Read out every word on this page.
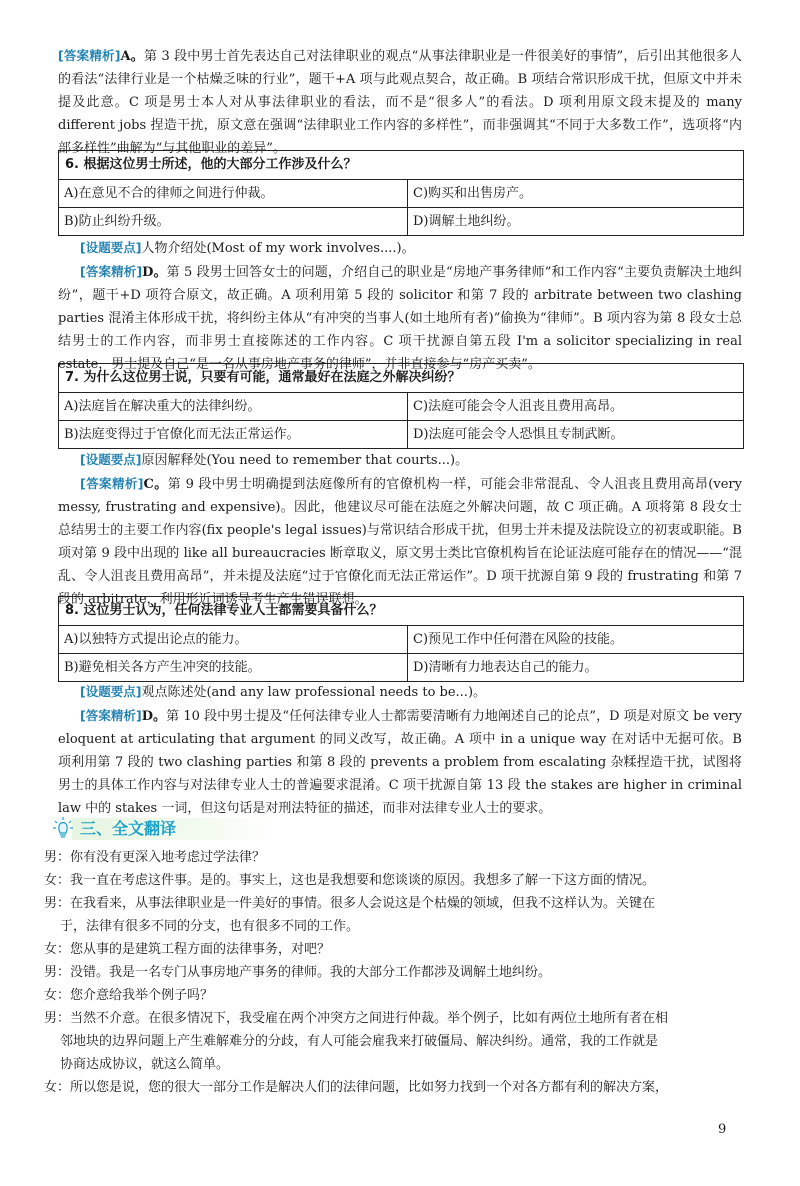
[答案精析]A。第 3 段中男士首先表达自己对法律职业的观点“从事法律职业是一件很美好的事情”，后引出其他很多人的看法“法律行业是一个枯燥乏味的行业”，题干+A 项与此观点契合，故正确。B 项结合常识形成干扰，但原文中并未提及此意。C 项是男士本人对从事法律职业的看法，而不是“很多人”的看法。D 项利用原文段末提及的 many different jobs 捏造干扰，原文意在强调“法律职业工作内容的多样性”，而非强调其“不同于大多数工作”，选项将“内部多样性”曲解为“与其他职业的差异”。
6. 根据这位男士所述，他的大部分工作涉及什么？
A)在意见不合的律师之间进行仲裁。	C)购买和出售房产。
B)防止纠纷升级。	D)调解土地纠纷。
[设题要点]人物介绍处(Most of my work involves....)。
[答案精析]D。第 5 段男士回答女士的问题，介绍自己的职业是“房地产事务律师”和工作内容“主要负责解决土地纠纷”，题干+D 项符合原文，故正确。A 项利用第 5 段的 solicitor 和第 7 段的 arbitrate between two clashing parties 混淆主体形成干扰，将纠纷主体从“有冲突的当事人(如土地所有者)”偷换为“律师”。B 项内容为第 8 段女士总结男士的工作内容，而非男士直接陈述的工作内容。C 项干扰源自第五段 I'm a solicitor specializing in real estate，男士提及自己“是一名从事房地产事务的律师”，并非直接参与“房产买卖”。
7. 为什么这位男士说，只要有可能，通常最好在法庭之外解决纠纷？
A)法庭旨在解决重大的法律纠纷。	C)法庭可能会令人沮丧且费用高昂。
B)法庭变得过于官僚化而无法正常运作。	D)法庭可能会令人恐惧且专制武断。
[设题要点]原因解释处(You need to remember that courts...)。
[答案精析]C。第 9 段中男士明确提到法庭像所有的官僚机构一样，可能会非常混乱、令人沮丧且费用高昂(very messy, frustrating and expensive)。因此，他建议尽可能在法庭之外解决问题，故 C 项正确。A 项将第 8 段女士总结男士的主要工作内容(fix people's legal issues)与常识结合形成干扰，但男士并未提及法院设立的初衷或职能。B 项对第 9 段中出现的 like all bureaucracies 断章取义，原文男士类比官僚机构旨在论证法庭可能存在的情况——“混乱、令人沮丧且费用高昂”，并未提及法庭“过于官僚化而无法正常运作”。D 项干扰源自第 9 段的 frustrating 和第 7 段的 arbitrate，利用形近词诱导考生产生错误联想。
8. 这位男士认为，任何法律专业人士都需要具备什么？
A)以独特方式提出论点的能力。	C)预见工作中任何潜在风险的技能。
B)避免相关各方产生冲突的技能。	D)清晰有力地表达自己的能力。
[设题要点]观点陈述处(and any law professional needs to be...)。
[答案精析]D。第 10 段中男士提及“任何法律专业人士都需要清晰有力地阐述自己的论点”，D 项是对原文 be very eloquent at articulating that argument 的同义改写，故正确。A 项中 in a unique way 在对话中无据可依。B 项利用第 7 段的 two clashing parties 和第 8 段的 prevents a problem from escalating 杂糅捏造干扰，试图将男士的具体工作内容与对法律专业人士的普遍要求混淆。C 项干扰源自第 13 段 the stakes are higher in criminal law 中的 stakes 一词，但这句话是对刑法特征的描述，而非对法律专业人士的要求。
三、全文翻译
男：你有没有更深入地考虑过学法律？
女：我一直在考虑这件事。是的。事实上，这也是我想要和您谈谈的原因。我想多了解一下这方面的情况。
男：在我看来，从事法律职业是一件美好的事情。很多人会说这是个枯燥的领域，但我不这样认为。关键在
于，法律有很多不同的分支，也有很多不同的工作。
女：您从事的是建筑工程方面的法律事务，对吧？
男：没错。我是一名专门从事房地产事务的律师。我的大部分工作都涉及调解土地纠纷。
女：您介意给我举个例子吗？
男：当然不介意。在很多情况下，我受雇在两个冲突方之间进行仲裁。举个例子，比如有两位土地所有者在相
邻地块的边界问题上产生难解难分的分歧，有人可能会雇我来打破僵局、解决纠纷。通常，我的工作就是
协商达成协议，就这么简单。
女：所以您是说，您的很大一部分工作是解决人们的法律问题，比如努力找到一个对各方都有利的解决方案，
9
